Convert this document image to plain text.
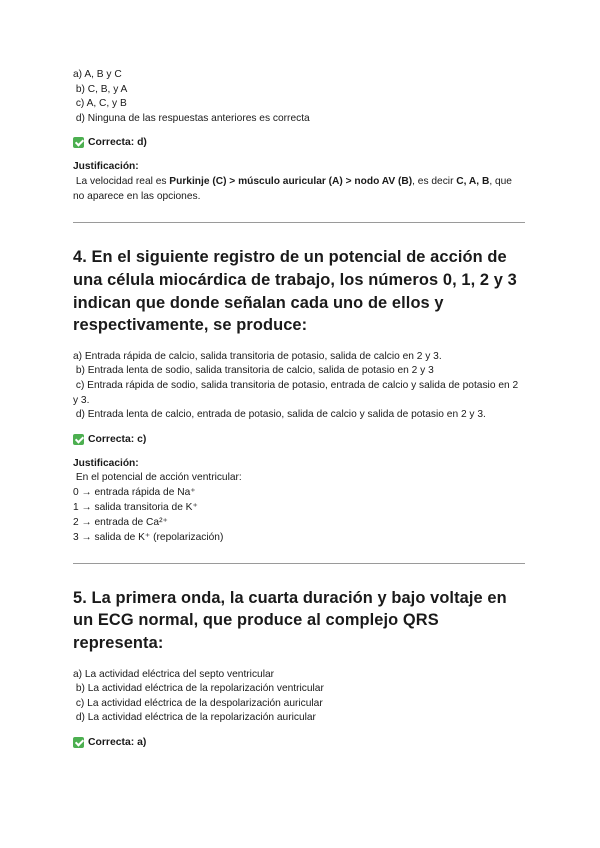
a) A, B y C
b) C, B, y A
c) A, C, y B
d) Ninguna de las respuestas anteriores es correcta
Correcta: d)
Justificación:
La velocidad real es Purkinje (C) > músculo auricular (A) > nodo AV (B), es decir C, A, B, que no aparece en las opciones.
4. En el siguiente registro de un potencial de acción de una célula miocárdica de trabajo, los números 0, 1, 2 y 3 indican que donde señalan cada uno de ellos y respectivamente, se produce:
a) Entrada rápida de calcio, salida transitoria de potasio, salida de calcio en 2 y 3.
b) Entrada lenta de sodio, salida transitoria de calcio, salida de potasio en 2 y 3
c) Entrada rápida de sodio, salida transitoria de potasio, entrada de calcio y salida de potasio en 2 y 3.
d) Entrada lenta de calcio, entrada de potasio, salida de calcio y salida de potasio en 2 y 3.
Correcta: c)
Justificación:
En el potencial de acción ventricular:
0 → entrada rápida de Na⁺
1 → salida transitoria de K⁺
2 → entrada de Ca²⁺
3 → salida de K⁺ (repolarización)
5. La primera onda, la cuarta duración y bajo voltaje en un ECG normal, que produce al complejo QRS representa:
a) La actividad eléctrica del septo ventricular
b) La actividad eléctrica de la repolarización ventricular
c) La actividad eléctrica de la despolarización auricular
d) La actividad eléctrica de la repolarización auricular
Correcta: a)
